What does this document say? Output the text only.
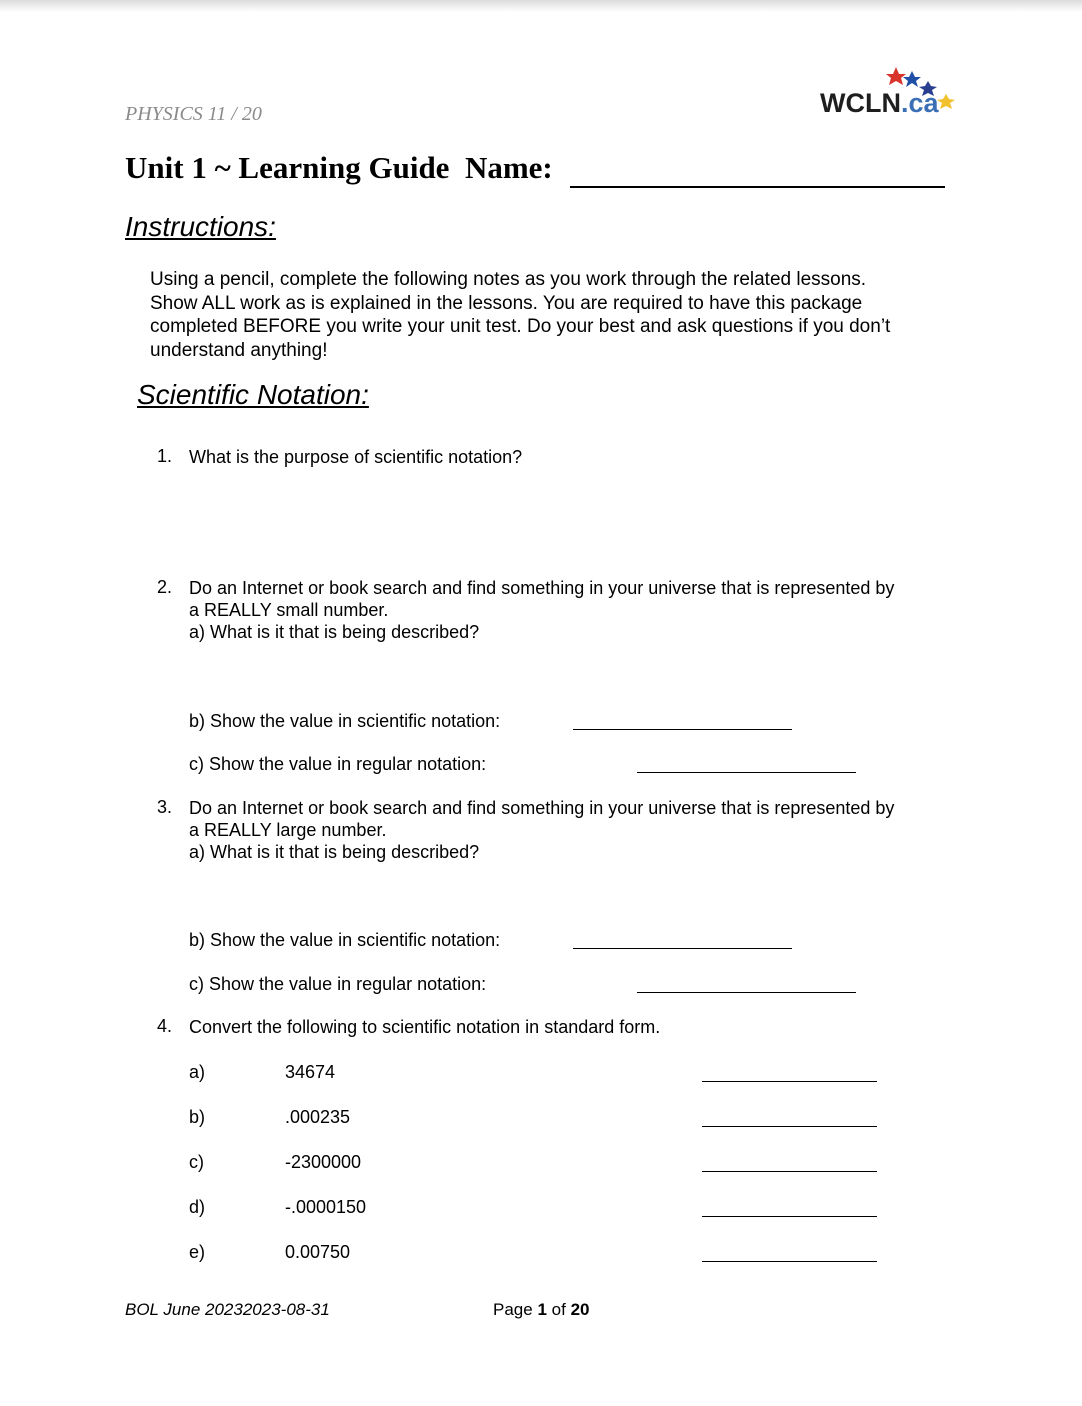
PHYSICS 11 / 20	WCLN.ca
Unit 1 ~ Learning Guide  Name:
Instructions:
Using a pencil, complete the following notes as you work through the related lessons.
Show ALL work as is explained in the lessons. You are required to have this package
completed BEFORE you write your unit test. Do your best and ask questions if you don’t
understand anything!
Scientific Notation:
1. What is the purpose of scientific notation?
2. Do an Internet or book search and find something in your universe that is represented by
a REALLY small number.
a) What is it that is being described?
b) Show the value in scientific notation:
c) Show the value in regular notation:
3. Do an Internet or book search and find something in your universe that is represented by
a REALLY large number.
a) What is it that is being described?
b) Show the value in scientific notation:
c) Show the value in regular notation:
4. Convert the following to scientific notation in standard form.
a)	34674
b)	.000235
c)	-2300000
d)	-.0000150
e)	0.00750
BOL June 20232023-08-31	Page 1 of 20
